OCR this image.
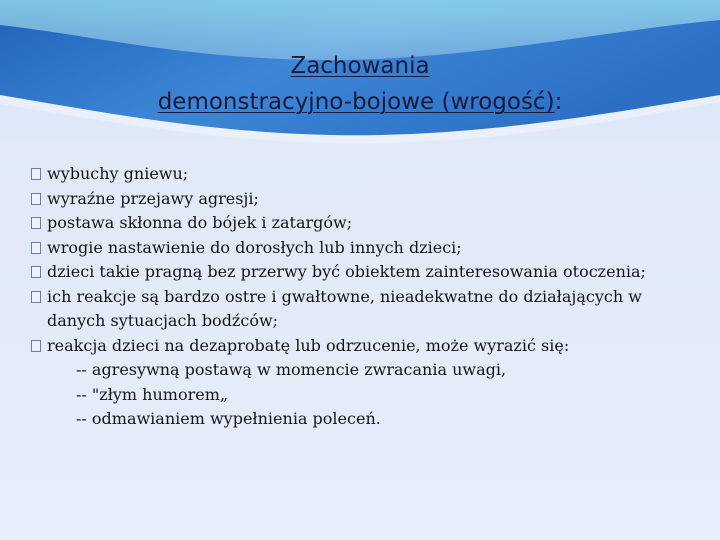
Zachowania
demonstracyjno-bojowe (wrogość):

wybuchy gniewu;

wyraźne przejawy agresji;

postawa skłonna do bójek i zatargów;

wrogie nastawienie do dorosłych lub innych dzieci;

dzieci takie pragną bez przerwy być obiektem zainteresowania otoczenia;

ich reakcje są bardzo ostre i gwałtowne, nieadekwatne do działających w danych sytuacjach bodźców;

reakcja dzieci na dezaprobatę lub odrzucenie, może wyrazić się:

-- agresywną postawą w momencie zwracania uwagi,

-- "złym humorem„

-- odmawianiem wypełnienia poleceń.
